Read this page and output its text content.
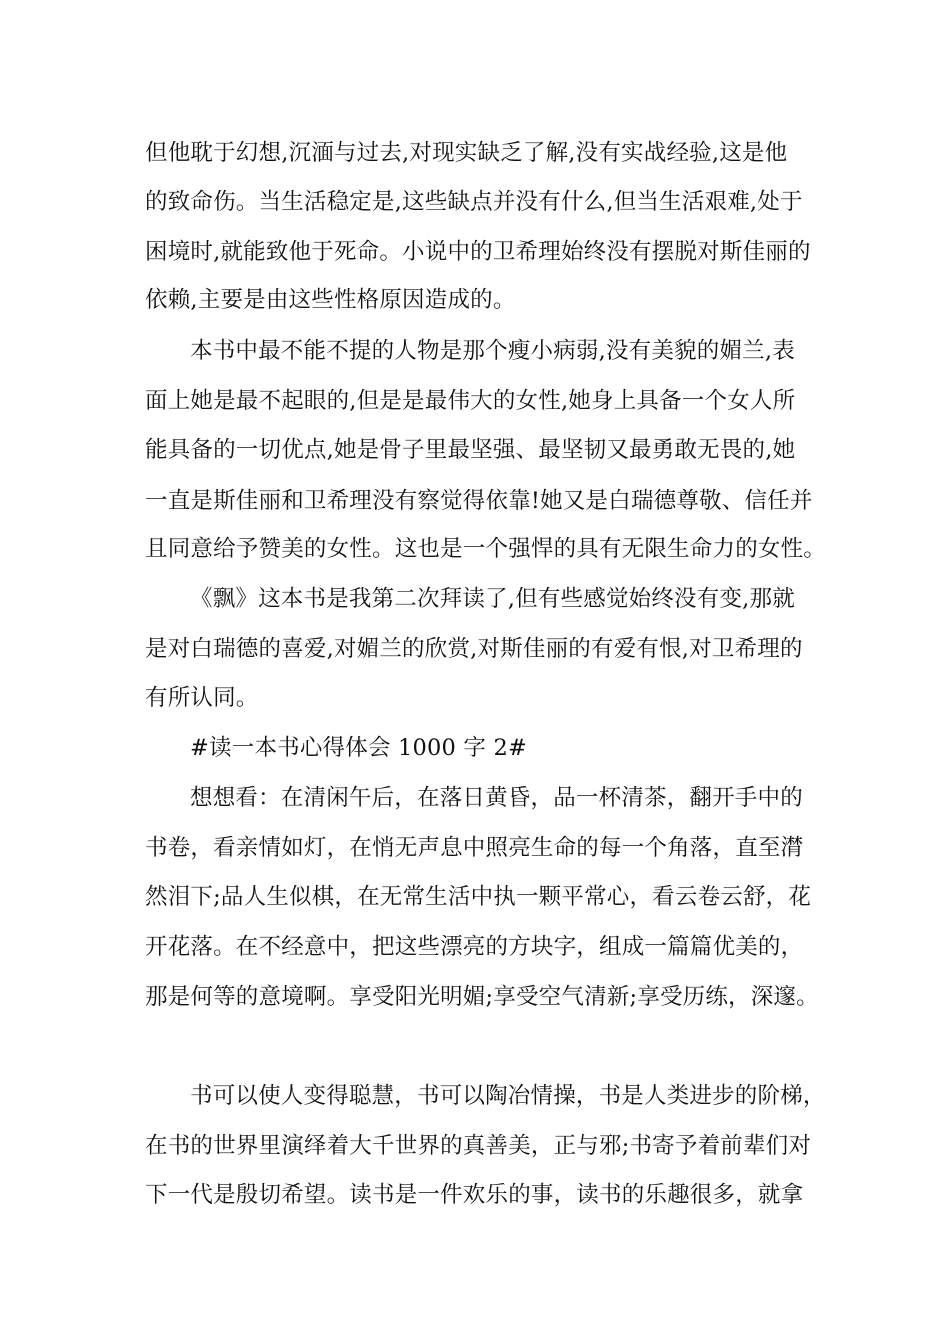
但他耽于幻想,沉湎与过去,对现实缺乏了解,没有实战经验,这是他
的致命伤。当生活稳定是,这些缺点并没有什么,但当生活艰难,处于
困境时,就能致他于死命。小说中的卫希理始终没有摆脱对斯佳丽的
依赖,主要是由这些性格原因造成的。
本书中最不能不提的人物是那个瘦小病弱,没有美貌的媚兰,表
面上她是最不起眼的,但是是最伟大的女性,她身上具备一个女人所
能具备的一切优点,她是骨子里最坚强、最坚韧又最勇敢无畏的,她
一直是斯佳丽和卫希理没有察觉得依靠!她又是白瑞德尊敬、信任并
且同意给予赞美的女性。这也是一个强悍的具有无限生命力的女性。
《飘》这本书是我第二次拜读了,但有些感觉始终没有变,那就
是对白瑞德的喜爱,对媚兰的欣赏,对斯佳丽的有爱有恨,对卫希理的
有所认同。
#读一本书心得体会 1000 字 2#
想想看：在清闲午后，在落日黄昏，品一杯清茶，翻开手中的
书卷，看亲情如灯，在悄无声息中照亮生命的每一个角落，直至潸
然泪下;品人生似棋，在无常生活中执一颗平常心，看云卷云舒，花
开花落。在不经意中，把这些漂亮的方块字，组成一篇篇优美的，
那是何等的意境啊。享受阳光明媚;享受空气清新;享受历练，深邃。
书可以使人变得聪慧，书可以陶冶情操，书是人类进步的阶梯，
在书的世界里演绎着大千世界的真善美，正与邪;书寄予着前辈们对
下一代是殷切希望。读书是一件欢乐的事，读书的乐趣很多，就拿
